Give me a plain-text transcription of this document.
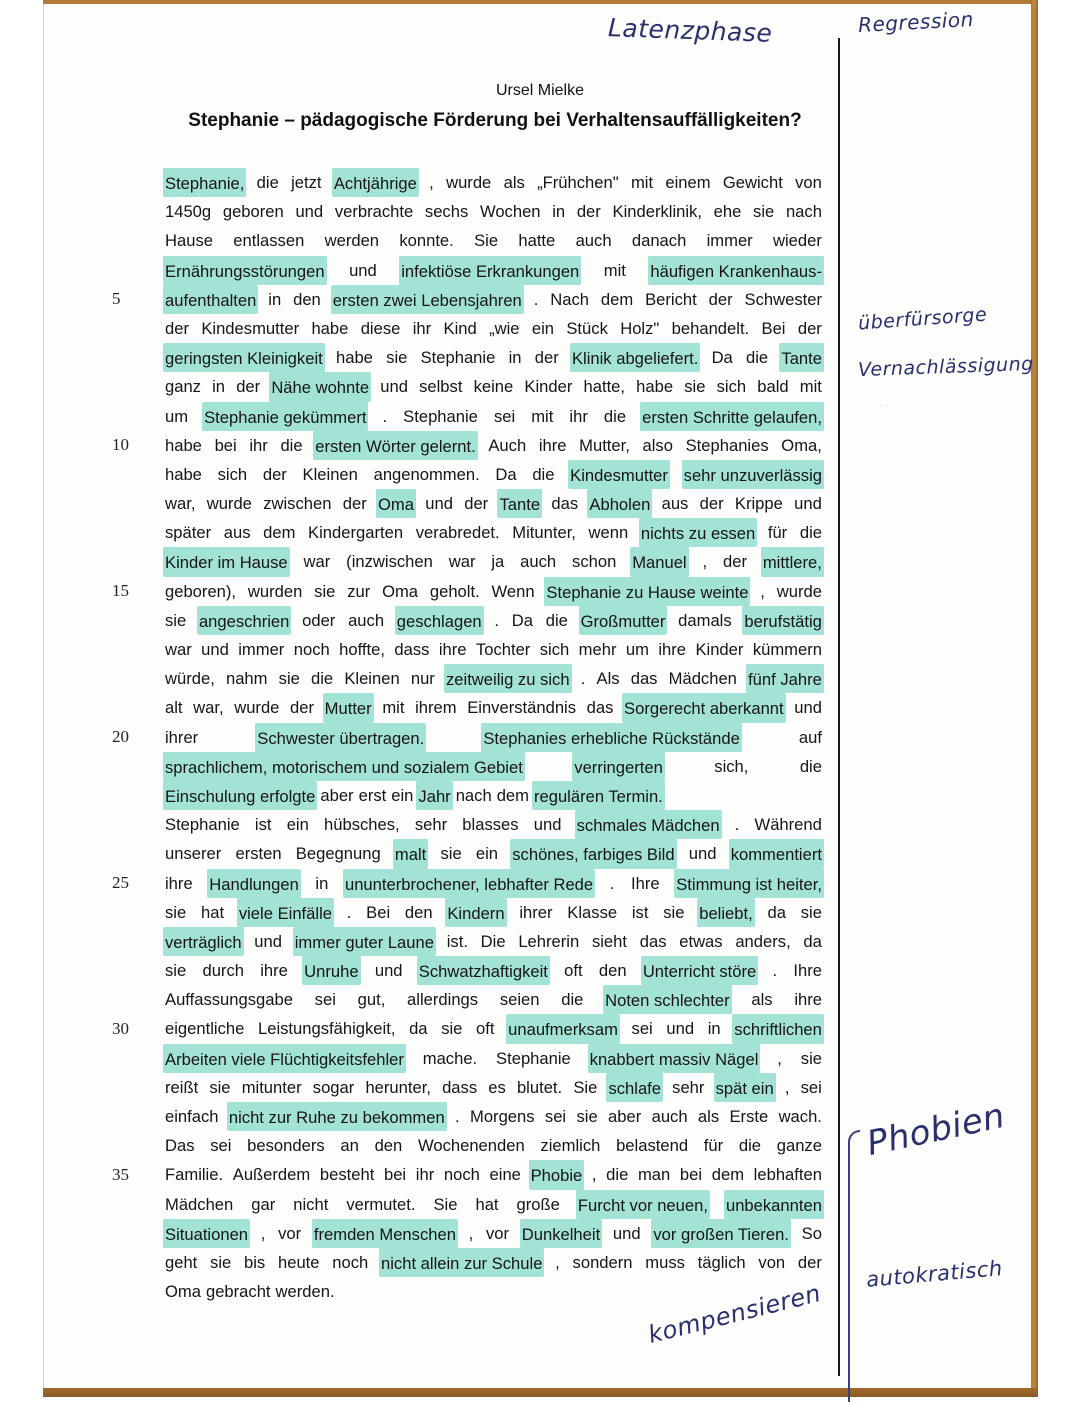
Latenzphase	Regression
Ursel Mielke
Stephanie – pädagogische Förderung bei Verhaltensauffälligkeiten?
5
10
15
20
25
30
35
Stephanie, die jetzt Achtjährige , wurde als „Frühchen" mit einem Gewicht von
1450g geboren und verbrachte sechs Wochen in der Kinderklinik, ehe sie nach
Hause entlassen werden konnte. Sie hatte auch danach immer wieder
Ernährungsstörungen und infektiöse Erkrankungen mit häufigen Krankenhaus-
aufenthalten in den ersten zwei Lebensjahren . Nach dem Bericht der Schwester
der Kindesmutter habe diese ihr Kind „wie ein Stück Holz" behandelt. Bei der
geringsten Kleinigkeit habe sie Stephanie in der Klinik abgeliefert. Da die Tante
ganz in der Nähe wohnte und selbst keine Kinder hatte, habe sie sich bald mit
um Stephanie gekümmert . Stephanie sei mit ihr die ersten Schritte gelaufen,
habe bei ihr die ersten Wörter gelernt. Auch ihre Mutter, also Stephanies Oma,
habe sich der Kleinen angenommen. Da die Kindesmutter sehr unzuverlässig
war, wurde zwischen der Oma und der Tante das Abholen aus der Krippe und
später aus dem Kindergarten verabredet. Mitunter, wenn nichts zu essen für die
Kinder im Hause war (inzwischen war ja auch schon Manuel , der mittlere,
geboren), wurden sie zur Oma geholt. Wenn Stephanie zu Hause weinte , wurde
sie angeschrien oder auch geschlagen . Da die Großmutter damals berufstätig
war und immer noch hoffte, dass ihre Tochter sich mehr um ihre Kinder kümmern
würde, nahm sie die Kleinen nur zeitweilig zu sich . Als das Mädchen fünf Jahre
alt war, wurde der Mutter mit ihrem Einverständnis das Sorgerecht aberkannt und
ihrer	Schwester übertragen.	Stephanies erhebliche Rückstände	auf
sprachlichem, motorischem und sozialem Gebiet	verringerten	sich,	die
Einschulung erfolgte aber erst ein Jahr nach dem regulären Termin.
Stephanie ist ein hübsches, sehr blasses und schmales Mädchen . Während
unserer ersten Begegnung malt sie ein schönes, farbiges Bild und kommentiert
ihre Handlungen in ununterbrochener, lebhafter Rede . Ihre Stimmung ist heiter,
sie hat viele Einfälle . Bei den Kindern ihrer Klasse ist sie beliebt, da sie
verträglich und immer guter Laune ist. Die Lehrerin sieht das etwas anders, da
sie durch ihre Unruhe und Schwatzhaftigkeit oft den Unterricht störe . Ihre
Auffassungsgabe sei gut, allerdings seien die Noten schlechter als ihre
eigentliche Leistungsfähigkeit, da sie oft unaufmerksam sei und in schriftlichen
Arbeiten viele Flüchtigkeitsfehler mache. Stephanie knabbert massiv Nägel , sie
reißt sie mitunter sogar herunter, dass es blutet. Sie schlafe sehr spät ein , sei
einfach nicht zur Ruhe zu bekommen . Morgens sei sie aber auch als Erste wach.
Das sei besonders an den Wochenenden ziemlich belastend für die ganze
Familie. Außerdem besteht bei ihr noch eine Phobie , die man bei dem lebhaften
Mädchen gar nicht vermutet. Sie hat große Furcht vor neuen, unbekannten
Situationen , vor fremden Menschen , vor Dunkelheit und vor großen Tieren. So
geht sie bis heute noch nicht allein zur Schule , sondern muss täglich von der
Oma gebracht werden.
überfürsorge
Vernachlässigung
· ·
Phobien
autokratisch
kompensieren
